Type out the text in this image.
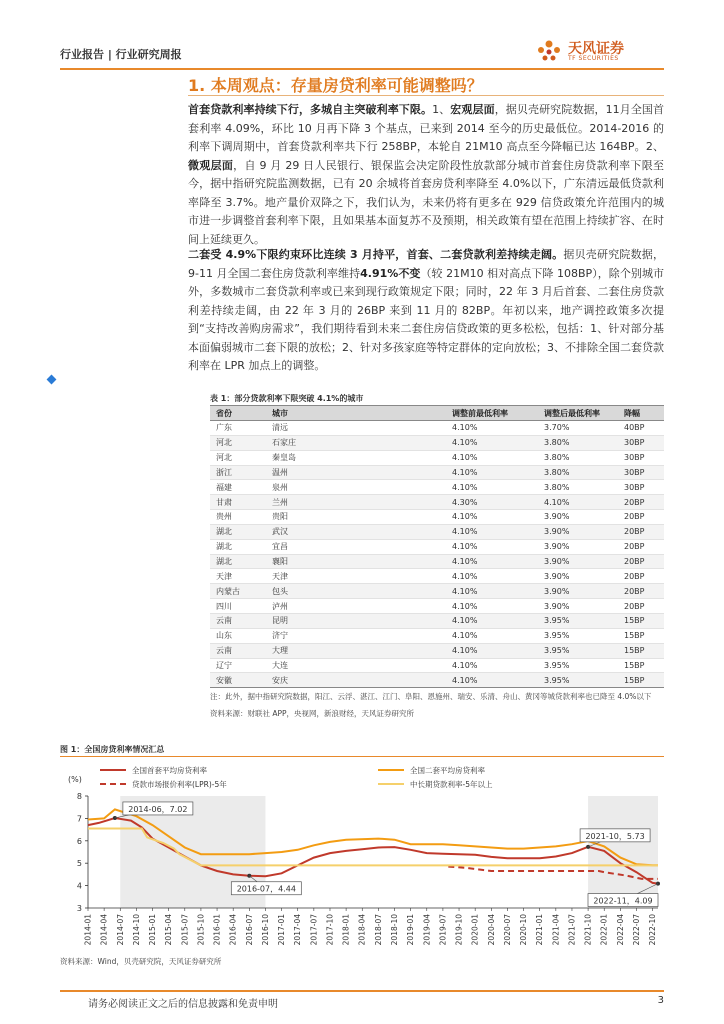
行业报告 | 行业研究周报	天风证券
TF SECURITIES
1. 本周观点：存量房贷利率可能调整吗？
首套贷款利率持续下行，多城自主突破利率下限。1、宏观层面，据贝壳研究院数据，11月全国首套利率 4.09%，环比 10 月再下降 3 个基点，已来到 2014 至今的历史最低位。2014-2016 的利率下调周期中，首套贷款利率共下行 258BP，本轮自 21M10 高点至今降幅已达 164BP。2、微观层面，自 9 月 29 日人民银行、银保监会决定阶段性放款部分城市首套住房贷款利率下限至今，据中指研究院监测数据，已有 20 余城将首套房贷利率降至 4.0%以下，广东清远最低贷款利率降至 3.7%。地产量价双降之下，我们认为，未来仍将有更多在 929 信贷政策允许范围内的城市进一步调整首套利率下限，且如果基本面复苏不及预期，相关政策有望在范围上持续扩容、在时间上延续更久。
二套受 4.9%下限约束环比连续 3 月持平，首套、二套贷款利差持续走阔。据贝壳研究院数据，9-11 月全国二套住房贷款利率维持4.91%不变（较 21M10 相对高点下降 108BP），除个别城市外，多数城市二套贷款利率或已来到现行政策规定下限；同时，22 年 3 月后首套、二套住房贷款利差持续走阔，由 22 年 3 月的 26BP 来到 11 月的 82BP。年初以来，地产调控政策多次提到“支持改善购房需求”，我们期待看到未来二套住房信贷政策的更多松松，包括：1、针对部分基本面偏弱城市二套下限的放松；2、针对多孩家庭等特定群体的定向放松；3、不排除全国二套贷款利率在 LPR 加点上的调整。
表 1：部分贷款利率下限突破 4.1%的城市
省份	城市	调整前最低利率	调整后最低利率	降幅
广东	清远	4.10%	3.70%	40BP
河北	石家庄	4.10%	3.80%	30BP
河北	秦皇岛	4.10%	3.80%	30BP
浙江	温州	4.10%	3.80%	30BP
福建	泉州	4.10%	3.80%	30BP
甘肃	兰州	4.30%	4.10%	20BP
贵州	贵阳	4.10%	3.90%	20BP
湖北	武汉	4.10%	3.90%	20BP
湖北	宜昌	4.10%	3.90%	20BP
湖北	襄阳	4.10%	3.90%	20BP
天津	天津	4.10%	3.90%	20BP
内蒙古	包头	4.10%	3.90%	20BP
四川	泸州	4.10%	3.90%	20BP
云南	昆明	4.10%	3.95%	15BP
山东	济宁	4.10%	3.95%	15BP
云南	大理	4.10%	3.95%	15BP
辽宁	大连	4.10%	3.95%	15BP
安徽	安庆	4.10%	3.95%	15BP
注：此外，据中指研究院数据，阳江、云浮、湛江、江门、阜阳、恩施州、瑞安、乐清、舟山、黄冈等城贷款利率也已降至 4.0%以下
资料来源：财联社 APP，央视网，新浪财经，天风证券研究所
图 1：全国房贷利率情况汇总
3
4
5
6
7
8
(%)
2014-01 2014-04 2014-07 2014-10 2015-01 2015-04 2015-07 2015-10 2016-01 2016-04 2016-07 2016-10 2017-01 2017-04 2017-07 2017-10 2018-01 2018-04 2018-07 2018-10 2019-01 2019-04 2019-07 2019-10 2020-01 2020-04 2020-07 2020-10 2021-01 2021-04 2021-07 2021-10 2022-01 2022-04 2022-07 2022-10
全国首套平均房贷利率	全国二套平均房贷利率
贷款市场报价利率(LPR)-5年	中长期贷款利率-5年以上
2014-06，7.02
2016-07，4.44
2021-10，5.73
2022-11，4.09
资料来源：Wind，贝壳研究院，天风证券研究所
请务必阅读正文之后的信息披露和免责申明	3
